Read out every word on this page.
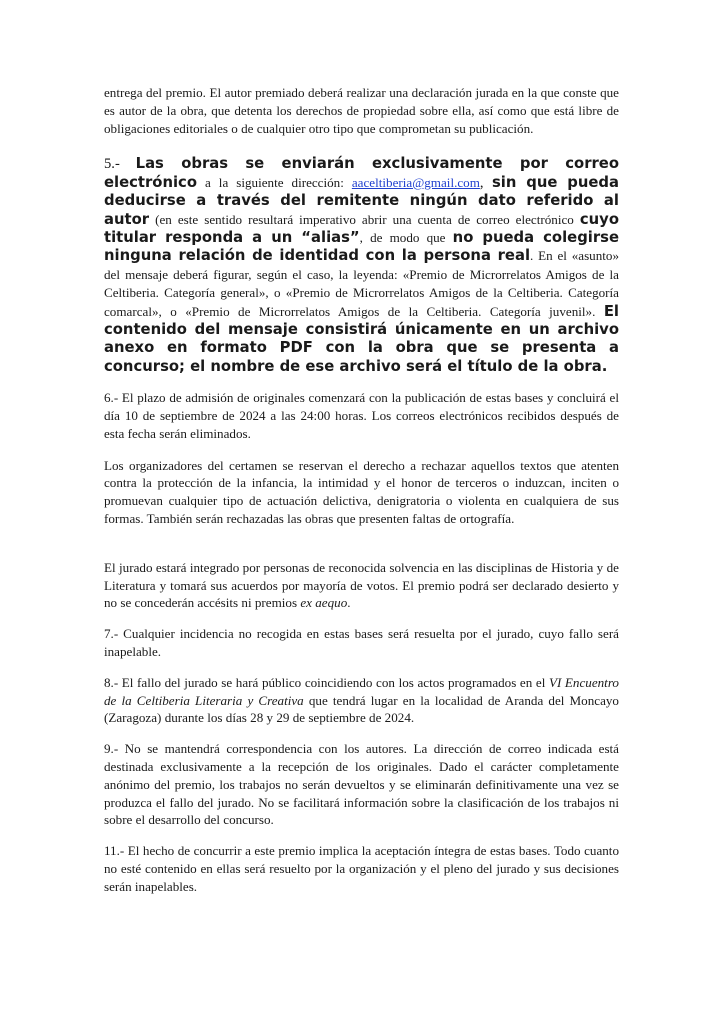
entrega del premio. El autor premiado deberá realizar una declaración jurada en la que conste que es autor de la obra, que detenta los derechos de propiedad sobre ella, así como que está libre de obligaciones editoriales o de cualquier otro tipo que comprometan su publicación.

5.- Las obras se enviarán exclusivamente por correo electrónico a la siguiente dirección: aaceltiberia@gmail.com, sin que pueda deducirse a través del remitente ningún dato referido al autor (en este sentido resultará imperativo abrir una cuenta de correo electrónico cuyo titular responda a un “alias”, de modo que no pueda colegirse ninguna relación de identidad con la persona real. En el «asunto» del mensaje deberá figurar, según el caso, la leyenda: «Premio de Microrrelatos Amigos de la Celtiberia. Categoría general», o «Premio de Microrrelatos Amigos de la Celtiberia. Categoría comarcal», o «Premio de Microrrelatos Amigos de la Celtiberia. Categoría juvenil». El contenido del mensaje consistirá únicamente en un archivo anexo en formato PDF con la obra que se presenta a concurso; el nombre de ese archivo será el título de la obra.

6.- El plazo de admisión de originales comenzará con la publicación de estas bases y concluirá el día 10 de septiembre de 2024 a las 24:00 horas. Los correos electrónicos recibidos después de esta fecha serán eliminados.

Los organizadores del certamen se reservan el derecho a rechazar aquellos textos que atenten contra la protección de la infancia, la intimidad y el honor de terceros o induzcan, inciten o promuevan cualquier tipo de actuación delictiva, denigratoria o violenta en cualquiera de sus formas. También serán rechazadas las obras que presenten faltas de ortografía.

El jurado estará integrado por personas de reconocida solvencia en las disciplinas de Historia y de Literatura y tomará sus acuerdos por mayoría de votos. El premio podrá ser declarado desierto y no se concederán accésits ni premios ex aequo.

7.- Cualquier incidencia no recogida en estas bases será resuelta por el jurado, cuyo fallo será inapelable.

8.- El fallo del jurado se hará público coincidiendo con los actos programados en el VI Encuentro de la Celtiberia Literaria y Creativa que tendrá lugar en la localidad de Aranda del Moncayo (Zaragoza) durante los días 28 y 29 de septiembre de 2024.

9.- No se mantendrá correspondencia con los autores. La dirección de correo indicada está destinada exclusivamente a la recepción de los originales. Dado el carácter completamente anónimo del premio, los trabajos no serán devueltos y se eliminarán definitivamente una vez se produzca el fallo del jurado. No se facilitará información sobre la clasificación de los trabajos ni sobre el desarrollo del concurso.

11.- El hecho de concurrir a este premio implica la aceptación íntegra de estas bases. Todo cuanto no esté contenido en ellas será resuelto por la organización y el pleno del jurado y sus decisiones serán inapelables.
